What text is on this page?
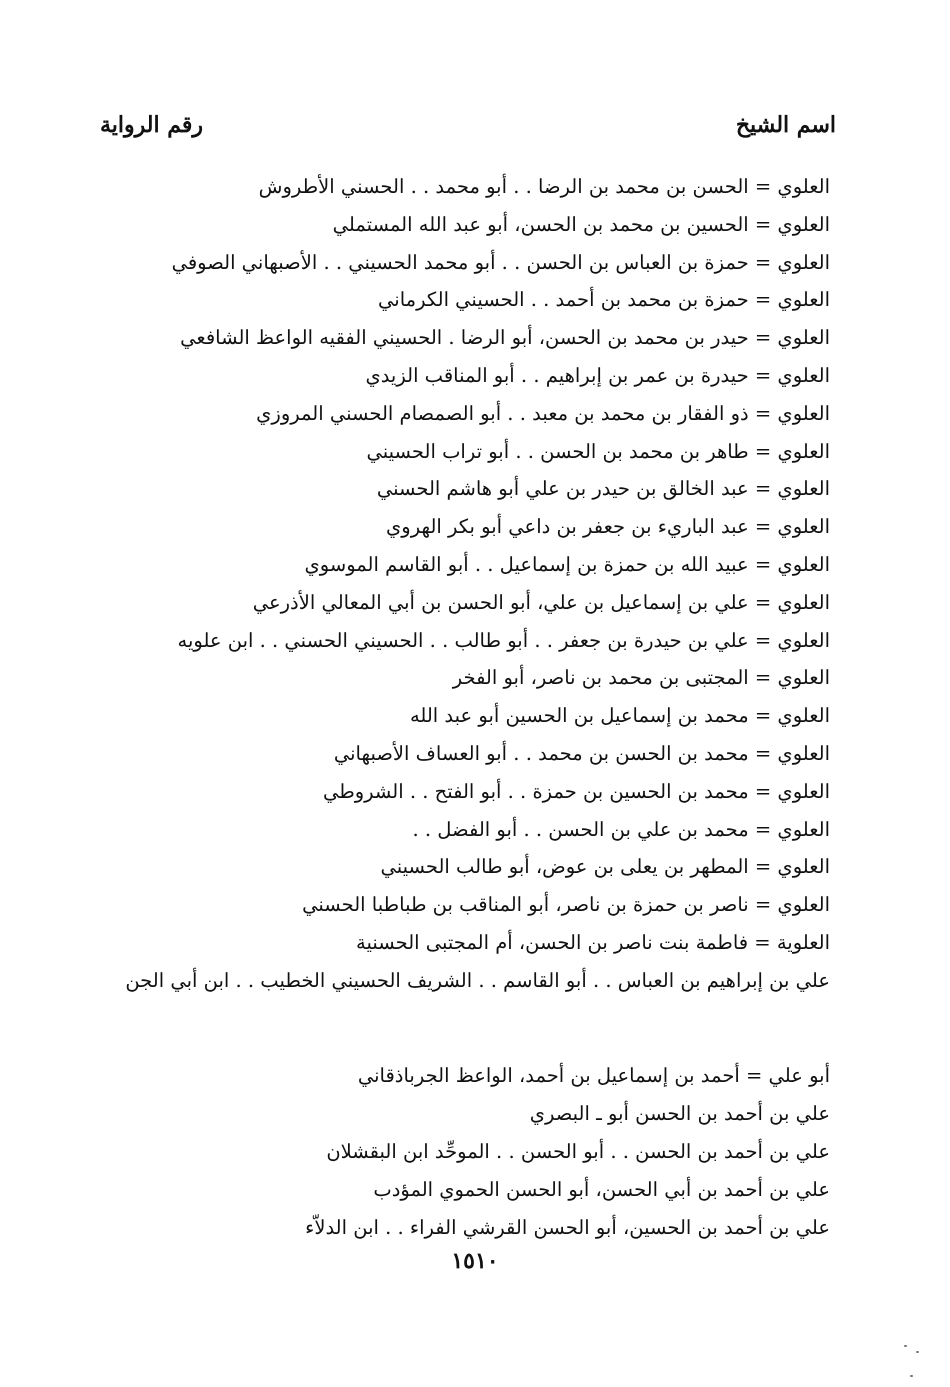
اسم الشيخ
رقم الرواية
العلوي = الحسن بن محمد بن الرضا . . أبو محمد . . الحسني الأطروش
العلوي = الحسين بن محمد بن الحسن، أبو عبد الله المستملي
العلوي = حمزة بن العباس بن الحسن . . أبو محمد الحسيني . . الأصبهاني الصوفي
العلوي = حمزة بن محمد بن أحمد . . الحسيني الكرماني
العلوي = حيدر بن محمد بن الحسن، أبو الرضا . الحسيني الفقيه الواعظ الشافعي
العلوي = حيدرة بن عمر بن إبراهيم . . أبو المناقب الزيدي
العلوي = ذو الفقار بن محمد بن معبد . . أبو الصمصام الحسني المروزي
العلوي = طاهر بن محمد بن الحسن . . أبو تراب الحسيني
العلوي = عبد الخالق بن حيدر بن علي أبو هاشم الحسني
العلوي = عبد الباريء بن جعفر بن داعي أبو بكر الهروي
العلوي = عبيد الله بن حمزة بن إسماعيل . . أبو القاسم الموسوي
العلوي = علي بن إسماعيل بن علي، أبو الحسن بن أبي المعالي الأذرعي
العلوي = علي بن حيدرة بن جعفر . . أبو طالب . . الحسيني الحسني . . ابن علويه
العلوي = المجتبى بن محمد بن ناصر، أبو الفخر
العلوي = محمد بن إسماعيل بن الحسين أبو عبد الله
العلوي = محمد بن الحسن بن محمد . . أبو العساف الأصبهاني
العلوي = محمد بن الحسين بن حمزة . . أبو الفتح . . الشروطي
العلوي = محمد بن علي بن الحسن . . أبو الفضل . .
العلوي = المطهر بن يعلى بن عوض، أبو طالب الحسيني
العلوي = ناصر بن حمزة بن ناصر، أبو المناقب بن طباطبا الحسني
العلوية = فاطمة بنت ناصر بن الحسن، أم المجتبى الحسنية
علي بن إبراهيم بن العباس . . أبو القاسم . . الشريف الحسيني الخطيب . . ابن أبي الجن
أبو علي = أحمد بن إسماعيل بن أحمد، الواعظ الجرباذقاني
علي بن أحمد بن الحسن أبو ـ البصري
علي بن أحمد بن الحسن . . أبو الحسن . . الموحِّد ابن البقشلان
علي بن أحمد بن أبي الحسن، أبو الحسن الحموي المؤدب
علي بن أحمد بن الحسين، أبو الحسن القرشي الفراء . . ابن الدلاّء
١٥١٠
